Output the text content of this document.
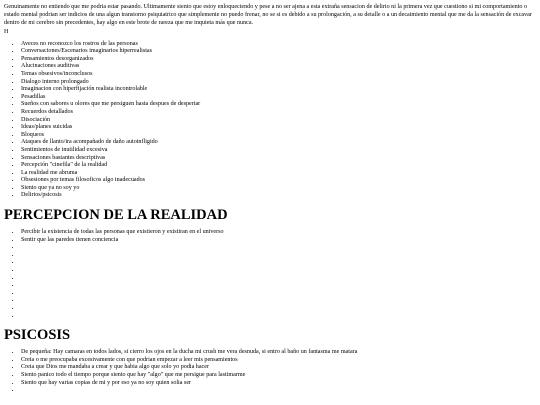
Genuinamente no entiendo que me podria estar pasando. Ultimamente siento que estoy enloqueciendo y pese a no ser ajena a esta extraña sensacion de delirio ni la primera vez que cuestiono si mi comportamiento o estado mental podrian ser indicios de una algun transtorno psiquiatrico que simplemente no puedo frenar, no se si es debido a su prolongación, a su detalle o a un decaimiento mental que me da la sensación de excavar dentro de mi cerebro sin precedentes, hay algo en este brote de rareza que me inquieta más que nunca.

H

• Aveces no reconozco los rostros de las personas
• Conversaciones/Escenarios imaginarios hiperrealistas
• Pensamientos desorganizados
• Alucinaciones auditivas
• Temas obsesivos/inconclusos
• Dialogo interno prolongado
• Imaginacion con hiperfijación realista incontrolable
• Pesadillas
• Sueños con sabores u olores que me persiguen hasta despues de despertar
• Recuerdos detallados
• Disociación
• Ideas/planes suicidas
• Bloqueos
• Ataques de llanto/ira acompañado de daño autoinfligido
• Sentimientos de inutilidad excesiva
• Sensaciones bastantes descriptivas
• Percepción "cinefila" de la realidad
• La realidad me abruma
• Obsesiones por temas filosoficos algo inadecuados
• Siento que ya no soy yo
• Delirios/psicosis
PERCEPCION DE LA REALIDAD
• Percibir la existencia de todas las personas que existieron y existiran en el universo
• Sentir que las paredes tienen conciencia
•
•
•
•
•
•
•
•
•
•
PSICOSIS
• De pequeña: Hay camaras en todos lados, si cierro los ojos en la ducha mi crush me vera desnuda, si entro al baño un fantasma me matara
• Creia o me preocupaba excesivamente con que podrian empezar a leer mis pensamientos
• Creia que Dios me mandaba a crear y que habia algo que solo yo podia hacer
• Siento panico todo el tiempo porque siento que hay "algo" que me persigue para lastimarme
• Siento que hay varias copias de mi y por eso ya no soy quien solia ser
•
